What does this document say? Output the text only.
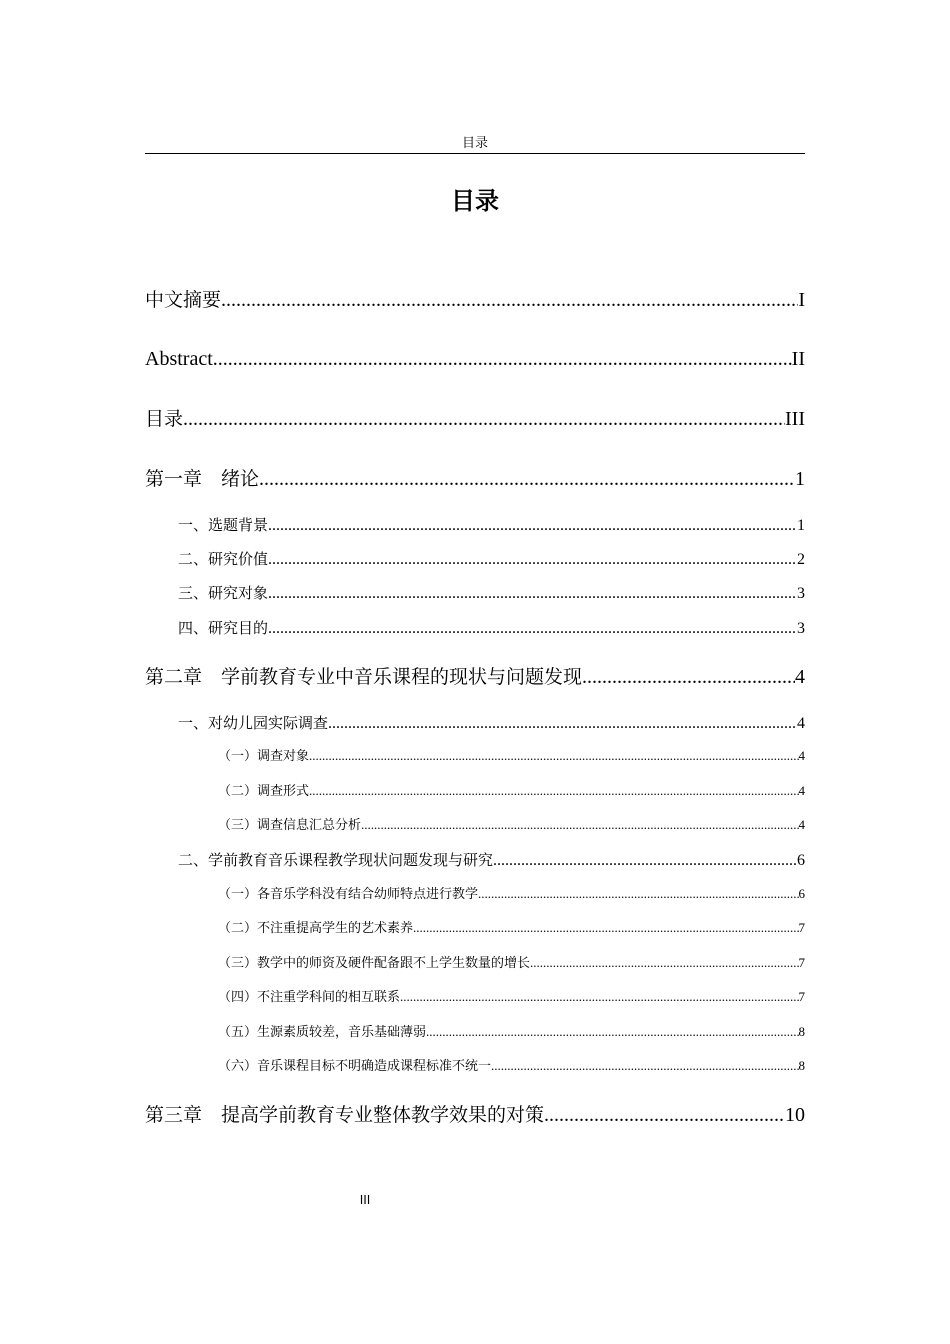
目录
目录
中文摘要 .....	I
Abstract .....	II
目录 .....	III
第一章　绪论 .....	1
一、选题背景 .....	1
二、研究价值 .....	2
三、研究对象 .....	3
四、研究目的 .....	3
第二章　学前教育专业中音乐课程的现状与问题发现 .....	4
一、对幼儿园实际调查 .....	4
（一）调查对象 .....	4
（二）调查形式 .....	4
（三）调查信息汇总分析 .....	4
二、学前教育音乐课程教学现状问题发现与研究 .....	6
（一）各音乐学科没有结合幼师特点进行教学 .....	6
（二）不注重提高学生的艺术素养 .....	7
（三）教学中的师资及硬件配备跟不上学生数量的增长 .....	7
（四）不注重学科间的相互联系 .....	7
（五）生源素质较差，音乐基础薄弱 .....	8
（六）音乐课程目标不明确造成课程标准不统一 .....	8
第三章　提高学前教育专业整体教学效果的对策 .....	10
III
